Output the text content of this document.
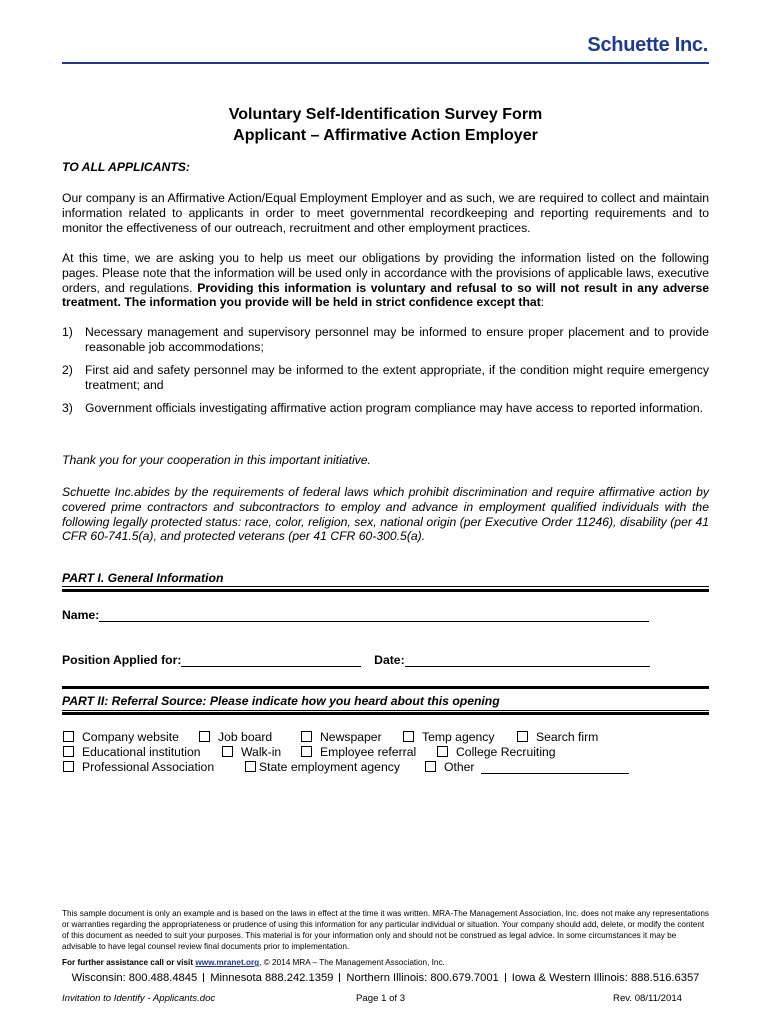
Schuette Inc.
Voluntary Self-Identification Survey Form
Applicant – Affirmative Action Employer
TO ALL APPLICANTS:
Our company is an Affirmative Action/Equal Employment Employer and as such, we are required to collect and maintain information related to applicants in order to meet governmental recordkeeping and reporting requirements and to monitor the effectiveness of our outreach, recruitment and other employment practices.
At this time, we are asking you to help us meet our obligations by providing the information listed on the following pages. Please note that the information will be used only in accordance with the provisions of applicable laws, executive orders, and regulations. Providing this information is voluntary and refusal to so will not result in any adverse treatment. The information you provide will be held in strict confidence except that:
1) Necessary management and supervisory personnel may be informed to ensure proper placement and to provide reasonable job accommodations;
2) First aid and safety personnel may be informed to the extent appropriate, if the condition might require emergency treatment; and
3) Government officials investigating affirmative action program compliance may have access to reported information.
Thank you for your cooperation in this important initiative.
Schuette Inc.abides by the requirements of federal laws which prohibit discrimination and require affirmative action by covered prime contractors and subcontractors to employ and advance in employment qualified individuals with the following legally protected status: race, color, religion, sex, national origin (per Executive Order 11246), disability (per 41 CFR 60-741.5(a), and protected veterans (per 41 CFR 60-300.5(a).
PART I. General Information
Name:
Position Applied for:	Date:
PART II: Referral Source: Please indicate how you heard about this opening
Company website	Job board	Newspaper	Temp agency	Search firm
Educational institution	Walk-in	Employee referral	College Recruiting
Professional Association	State employment agency	Other
This sample document is only an example and is based on the laws in effect at the time it was written. MRA-The Management Association, Inc. does not make any representations or warranties regarding the appropriateness or prudence of using this information for any particular individual or situation. Your company should add, delete, or modify the content of this document as needed to suit your purposes. This material is for your information only and should not be construed as legal advice. In some circumstances it may be advisable to have legal counsel review final documents prior to implementation.
For further assistance call or visit www.mranet.org, © 2014 MRA – The Management Association, Inc.
Wisconsin: 800.488.4845 Minnesota 888.242.1359 Northern Illinois: 800.679.7001 Iowa & Western Illinois: 888.516.6357
Invitation to Identify - Applicants.doc	Page 1 of 3	Rev. 08/11/2014
